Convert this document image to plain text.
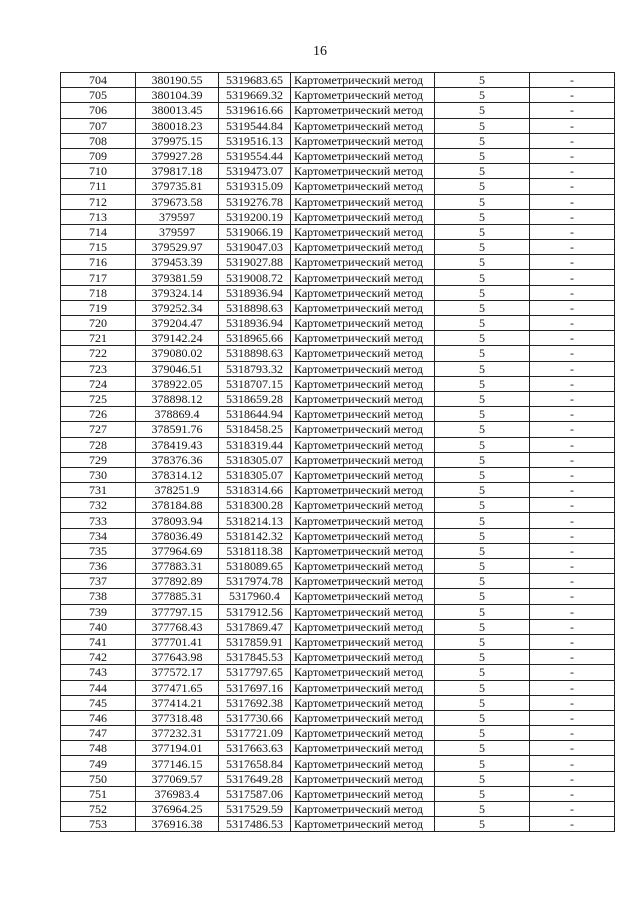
16
704	380190.55	5319683.65	Картометрический метод	5	-
705	380104.39	5319669.32	Картометрический метод	5	-
706	380013.45	5319616.66	Картометрический метод	5	-
707	380018.23	5319544.84	Картометрический метод	5	-
708	379975.15	5319516.13	Картометрический метод	5	-
709	379927.28	5319554.44	Картометрический метод	5	-
710	379817.18	5319473.07	Картометрический метод	5	-
711	379735.81	5319315.09	Картометрический метод	5	-
712	379673.58	5319276.78	Картометрический метод	5	-
713	379597	5319200.19	Картометрический метод	5	-
714	379597	5319066.19	Картометрический метод	5	-
715	379529.97	5319047.03	Картометрический метод	5	-
716	379453.39	5319027.88	Картометрический метод	5	-
717	379381.59	5319008.72	Картометрический метод	5	-
718	379324.14	5318936.94	Картометрический метод	5	-
719	379252.34	5318898.63	Картометрический метод	5	-
720	379204.47	5318936.94	Картометрический метод	5	-
721	379142.24	5318965.66	Картометрический метод	5	-
722	379080.02	5318898.63	Картометрический метод	5	-
723	379046.51	5318793.32	Картометрический метод	5	-
724	378922.05	5318707.15	Картометрический метод	5	-
725	378898.12	5318659.28	Картометрический метод	5	-
726	378869.4	5318644.94	Картометрический метод	5	-
727	378591.76	5318458.25	Картометрический метод	5	-
728	378419.43	5318319.44	Картометрический метод	5	-
729	378376.36	5318305.07	Картометрический метод	5	-
730	378314.12	5318305.07	Картометрический метод	5	-
731	378251.9	5318314.66	Картометрический метод	5	-
732	378184.88	5318300.28	Картометрический метод	5	-
733	378093.94	5318214.13	Картометрический метод	5	-
734	378036.49	5318142.32	Картометрический метод	5	-
735	377964.69	5318118.38	Картометрический метод	5	-
736	377883.31	5318089.65	Картометрический метод	5	-
737	377892.89	5317974.78	Картометрический метод	5	-
738	377885.31	5317960.4	Картометрический метод	5	-
739	377797.15	5317912.56	Картометрический метод	5	-
740	377768.43	5317869.47	Картометрический метод	5	-
741	377701.41	5317859.91	Картометрический метод	5	-
742	377643.98	5317845.53	Картометрический метод	5	-
743	377572.17	5317797.65	Картометрический метод	5	-
744	377471.65	5317697.16	Картометрический метод	5	-
745	377414.21	5317692.38	Картометрический метод	5	-
746	377318.48	5317730.66	Картометрический метод	5	-
747	377232.31	5317721.09	Картометрический метод	5	-
748	377194.01	5317663.63	Картометрический метод	5	-
749	377146.15	5317658.84	Картометрический метод	5	-
750	377069.57	5317649.28	Картометрический метод	5	-
751	376983.4	5317587.06	Картометрический метод	5	-
752	376964.25	5317529.59	Картометрический метод	5	-
753	376916.38	5317486.53	Картометрический метод	5	-
